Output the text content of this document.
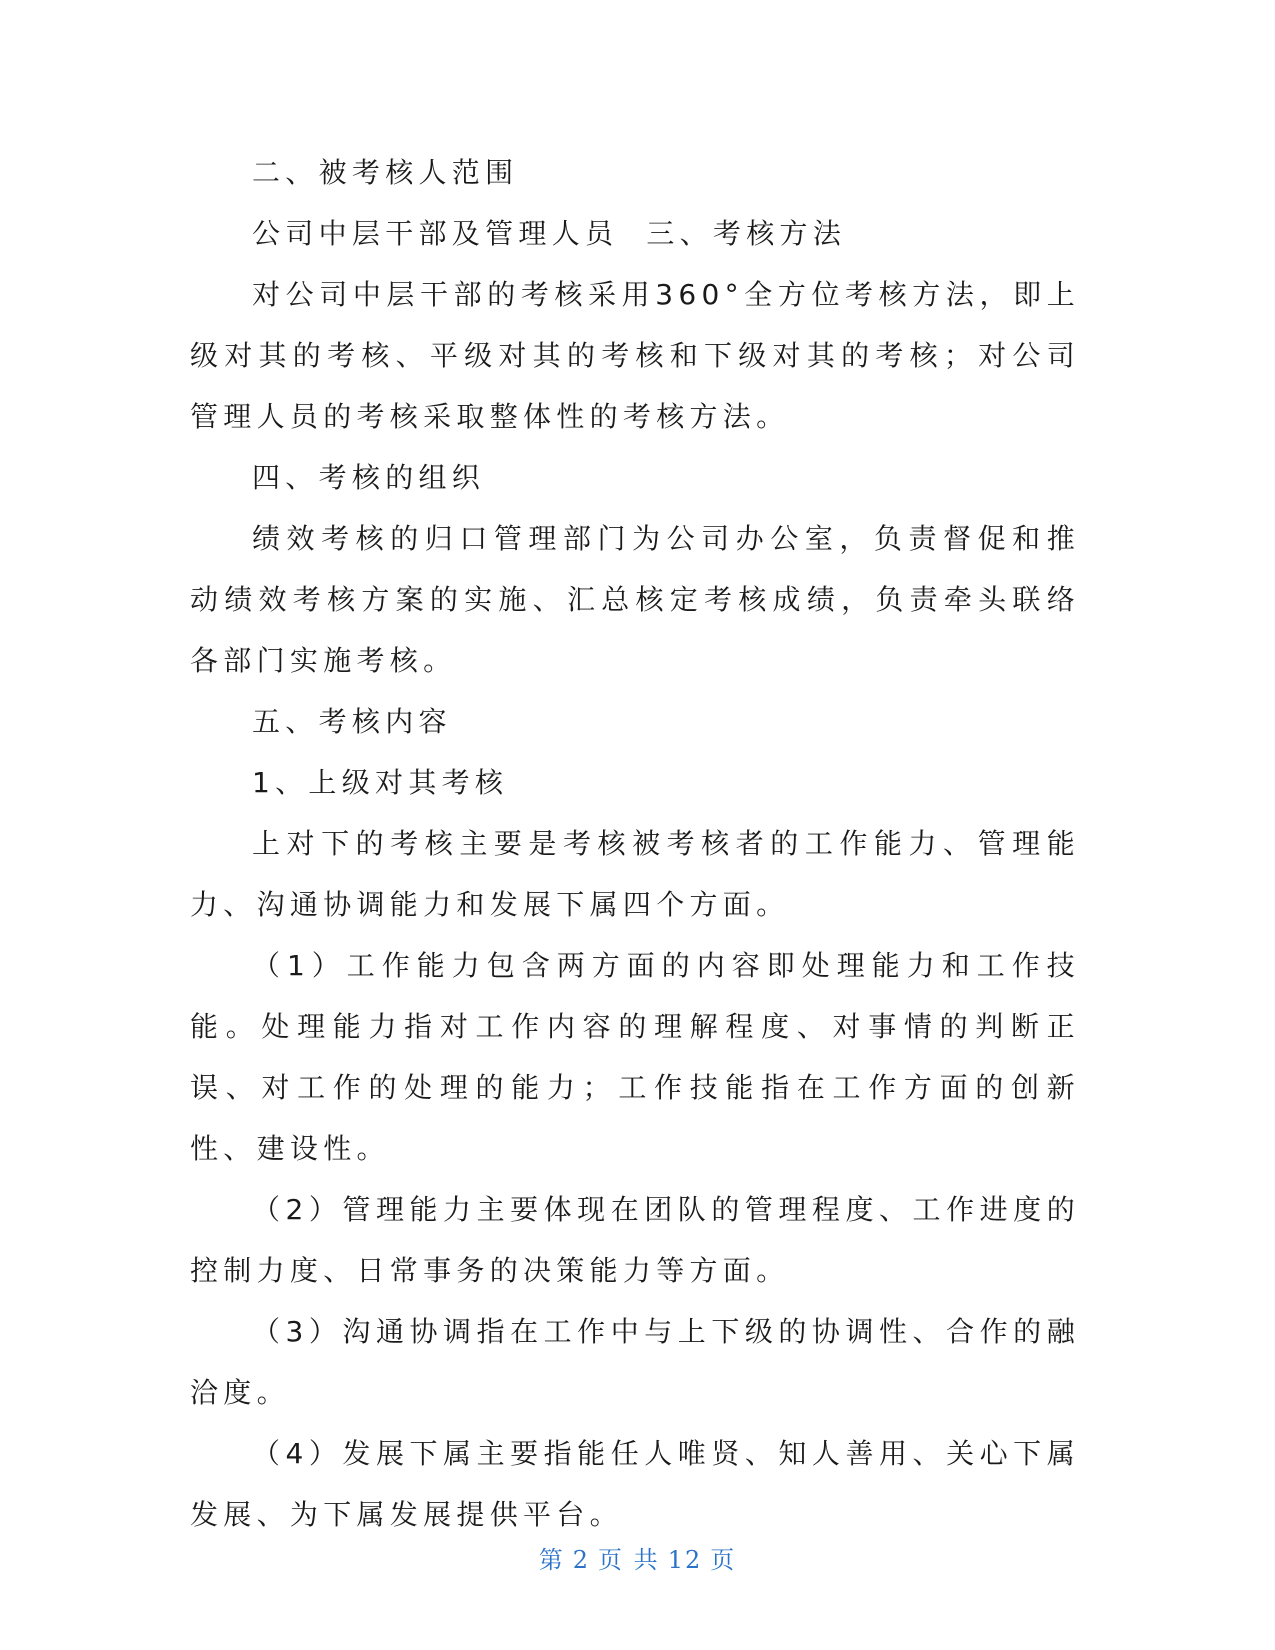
二、被考核人范围

公司中层干部及管理人员 三、考核方法

对公司中层干部的考核采用360°全方位考核方法，即上级对其的考核、平级对其的考核和下级对其的考核；对公司管理人员的考核采取整体性的考核方法。

四、考核的组织

绩效考核的归口管理部门为公司办公室，负责督促和推动绩效考核方案的实施、汇总核定考核成绩，负责牵头联络各部门实施考核。

五、考核内容

1、上级对其考核

上对下的考核主要是考核被考核者的工作能力、管理能力、沟通协调能力和发展下属四个方面。

（1）工作能力包含两方面的内容即处理能力和工作技能。处理能力指对工作内容的理解程度、对事情的判断正误、对工作的处理的能力；工作技能指在工作方面的创新性、建设性。

（2）管理能力主要体现在团队的管理程度、工作进度的控制力度、日常事务的决策能力等方面。

（3）沟通协调指在工作中与上下级的协调性、合作的融洽度。

（4）发展下属主要指能任人唯贤、知人善用、关心下属发展、为下属发展提供平台。

第 2 页 共 12 页
